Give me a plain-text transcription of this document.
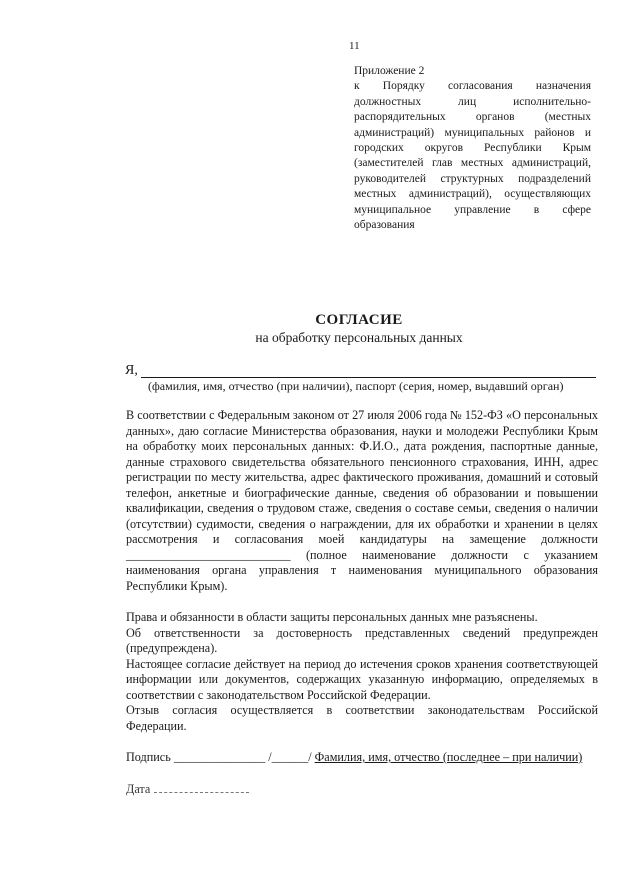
11
Приложение 2
к Порядку согласования назначения должностных лиц исполнительно-распорядительных органов (местных администраций) муниципальных районов и городских округов Республики Крым (заместителей глав местных администраций, руководителей структурных подразделений местных администраций), осуществляющих муниципальное управление в сфере образования
СОГЛАСИЕ
на обработку персональных данных
Я,
(фамилия, имя, отчество (при наличии), паспорт (серия, номер, выдавший орган)

В соответствии с Федеральным законом от 27 июля 2006 года № 152-ФЗ «О персональных данных», даю согласие Министерства образования, науки и молодежи Республики Крым на обработку моих персональных данных: Ф.И.О., дата рождения, паспортные данные, данные страхового свидетельства обязательного пенсионного страхования, ИНН, адрес регистрации по месту жительства, адрес фактического проживания, домашний и сотовый телефон, анкетные и биографические данные, сведения об образовании и повышении квалификации, сведения о трудовом стаже, сведения о составе семьи, сведения о наличии (отсутствии) судимости, сведения о награждении, для их обработки и хранении в целях рассмотрения и согласования моей кандидатуры на замещение должности ___________________________ (полное наименование должности с указанием наименования органа управления т наименования муниципального образования Республики Крым).

Права и обязанности в области защиты персональных данных мне разъяснены.
Об ответственности за достоверность представленных сведений предупрежден (предупреждена).
Настоящее согласие действует на период до истечения сроков хранения соответствующей информации или документов, содержащих указанную информацию, определяемых в соответствии с законодательством Российской Федерации.
Отзыв согласия осуществляется в соответствии законодательствам Российской Федерации.
Подпись _______________ /______/ Фамилия, имя, отчество (последнее – при наличии)
Дата
